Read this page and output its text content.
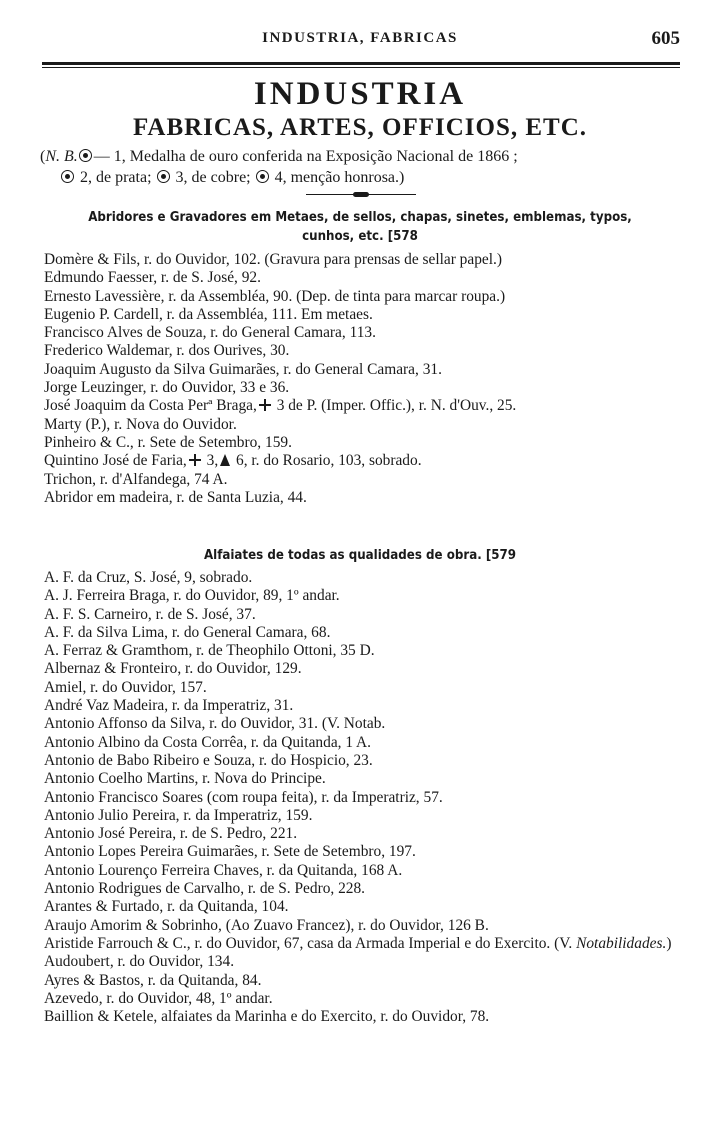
INDUSTRIA, FABRICAS	605
INDUSTRIA
FABRICAS, ARTES, OFFICIOS, ETC.
(N. B. — 1, Medalha de ouro conferida na Exposição Nacional de 1866 ;
2, de prata;  3, de cobre;  4, menção honrosa.)
Abridores e Gravadores em Metaes, de sellos, chapas, sinetes, emblemas, typos,
cunhos, etc. [578
Domère & Fils, r. do Ouvidor, 102. (Gravura para prensas de sellar papel.)
Edmundo Faesser, r. de S. José, 92.
Ernesto Lavessière, r. da Assembléa, 90. (Dep. de tinta para marcar roupa.)
Eugenio P. Cardell, r. da Assembléa, 111. Em metaes.
Francisco Alves de Souza, r. do General Camara, 113.
Frederico Waldemar, r. dos Ourives, 30.
Joaquim Augusto da Silva Guimarães, r. do General Camara, 31.
Jorge Leuzinger, r. do Ouvidor, 33 e 36.
José Joaquim da Costa Perª Braga, 3 de P. (Imper. Offic.), r. N. d'Ouv., 25.
Marty (P.), r. Nova do Ouvidor.
Pinheiro & C., r. Sete de Setembro, 159.
Quintino José de Faria, 3, 6, r. do Rosario, 103, sobrado.
Trichon, r. d'Alfandega, 74 A.
Abridor em madeira, r. de Santa Luzia, 44.
Alfaiates de todas as qualidades de obra. [579
A. F. da Cruz, S. José, 9, sobrado.
A. J. Ferreira Braga, r. do Ouvidor, 89, 1º andar.
A. F. S. Carneiro, r. de S. José, 37.
A. F. da Silva Lima, r. do General Camara, 68.
A. Ferraz & Gramthom, r. de Theophilo Ottoni, 35 D.
Albernaz & Fronteiro, r. do Ouvidor, 129.
Amiel, r. do Ouvidor, 157.
André Vaz Madeira, r. da Imperatriz, 31.
Antonio Affonso da Silva, r. do Ouvidor, 31. (V. Notab.
Antonio Albino da Costa Corrêa, r. da Quitanda, 1 A.
Antonio de Babo Ribeiro e Souza, r. do Hospicio, 23.
Antonio Coelho Martins, r. Nova do Principe.
Antonio Francisco Soares (com roupa feita), r. da Imperatriz, 57.
Antonio Julio Pereira, r. da Imperatriz, 159.
Antonio José Pereira, r. de S. Pedro, 221.
Antonio Lopes Pereira Guimarães, r. Sete de Setembro, 197.
Antonio Lourenço Ferreira Chaves, r. da Quitanda, 168 A.
Antonio Rodrigues de Carvalho, r. de S. Pedro, 228.
Arantes & Furtado, r. da Quitanda, 104.
Araujo Amorim & Sobrinho, (Ao Zuavo Francez), r. do Ouvidor, 126 B.
Aristide Farrouch & C., r. do Ouvidor, 67, casa da Armada Imperial e do Exercito. (V. Notabilidades.)
Audoubert, r. do Ouvidor, 134.
Ayres & Bastos, r. da Quitanda, 84.
Azevedo, r. do Ouvidor, 48, 1º andar.
Baillion & Ketele, alfaiates da Marinha e do Exercito, r. do Ouvidor, 78.
